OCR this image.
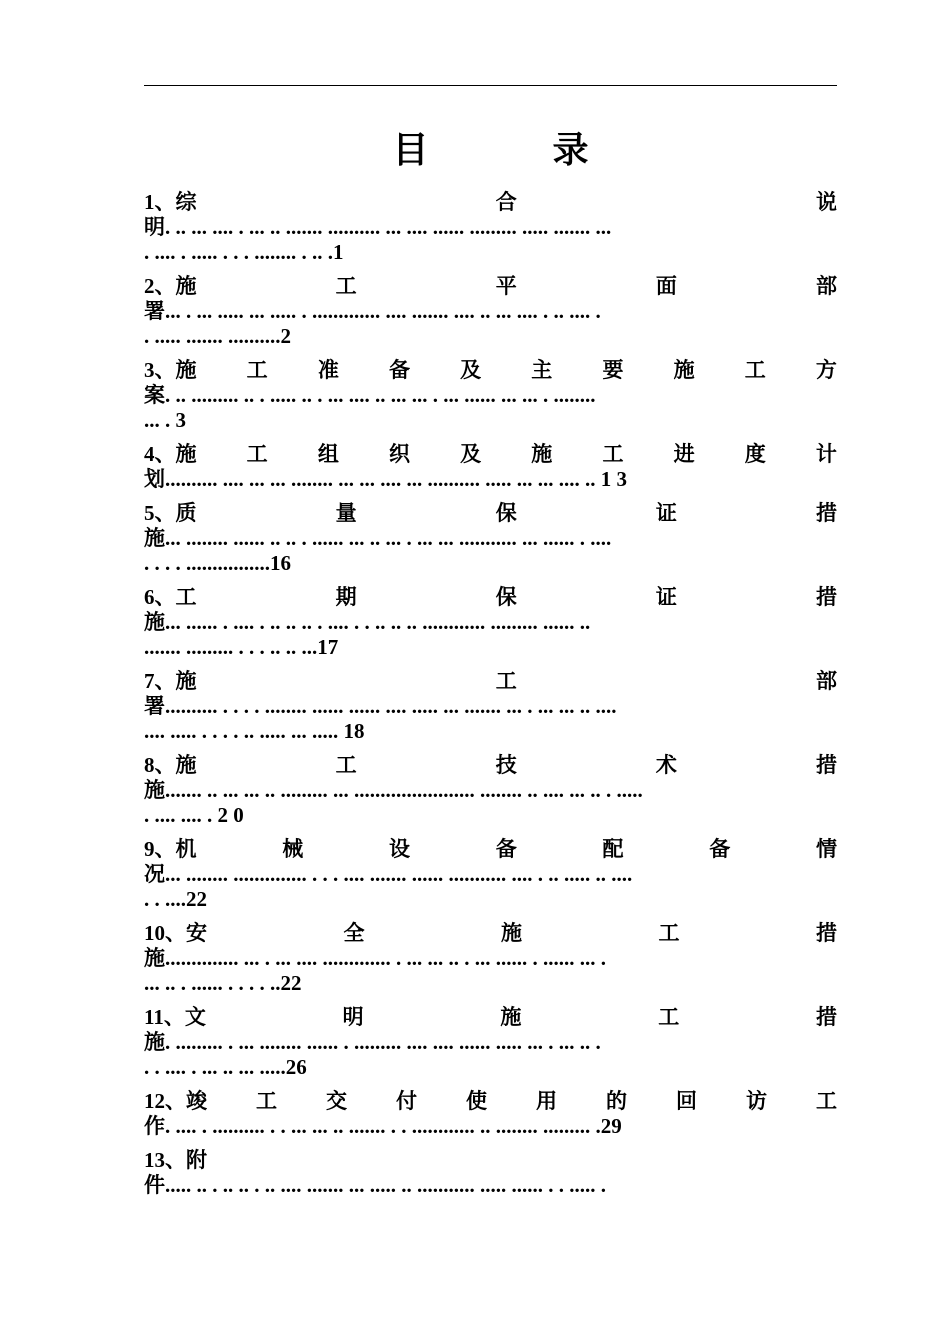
目　录
1、综	合	说
明. .. ... .... . ... .. ....... .......... ... .... ...... ......... ..... ....... ...
. .... . ..... . . . ........ . .. .1
2、施	工	平	面	部
署... . ... ..... ... ..... . ............. .... ....... .... .. ... .... . .. .... .
. ..... ....... ..........2
3、施 工 准 备 及 主 要 施 工 方
案. .. ......... .. . ..... .. . ... .... .. ... ... . ... ...... ... ... . ........
... . 3
4、施 工 组 织 及 施 工 进 度 计
划.......... .... ... ... ........ ... ... .... ... .......... ..... ... ... .... .. 1 3
5、质	量	保	证	措
施... ........ ...... .. .. . ...... ... .. ... . ... ... ........... ... ...... . ....
. . . . ................16
6、工	期	保	证	措
施... ...... . .... . .. .. .. . .... . . .. .. .. ............ ......... ...... ..
....... ......... . . . .. .. ...17
7、施	工	部
署.......... . . . . ........ ...... ...... .... ..... ... ....... ... . ... ... .. ....
.... ..... . . . . .. ..... ... ..... 18
8、施	工	技	术	措
施....... .. ... ... .. ......... ... ....................... ........ .. .... ... .. . .....
. .... .... . 2 0
9、机	械	设	备	配	备	情
况... ........ .............. . . . .... ....... ...... ........... .... . .. ..... .. ....
. . ....22
10、安	全	施	工	措
施.............. ... . ... .... ............. . ... ... .. . ... ...... . ...... ... .
... .. . ...... . . . . ..22
11、文	明	施	工	措
施. ......... . ... ........ ...... . ......... .... .... ...... ..... ... . ... .. .
. . .... . ... .. ... .....26
12、竣 工 交 付 使 用 的 回 访 工
作. .... . .......... . . ... ... .. ....... . . ............ .. ........ ......... .29
13、附
件..... .. . .. .. . .. .... ....... ... ..... .. ........... ..... ...... . . ..... .
